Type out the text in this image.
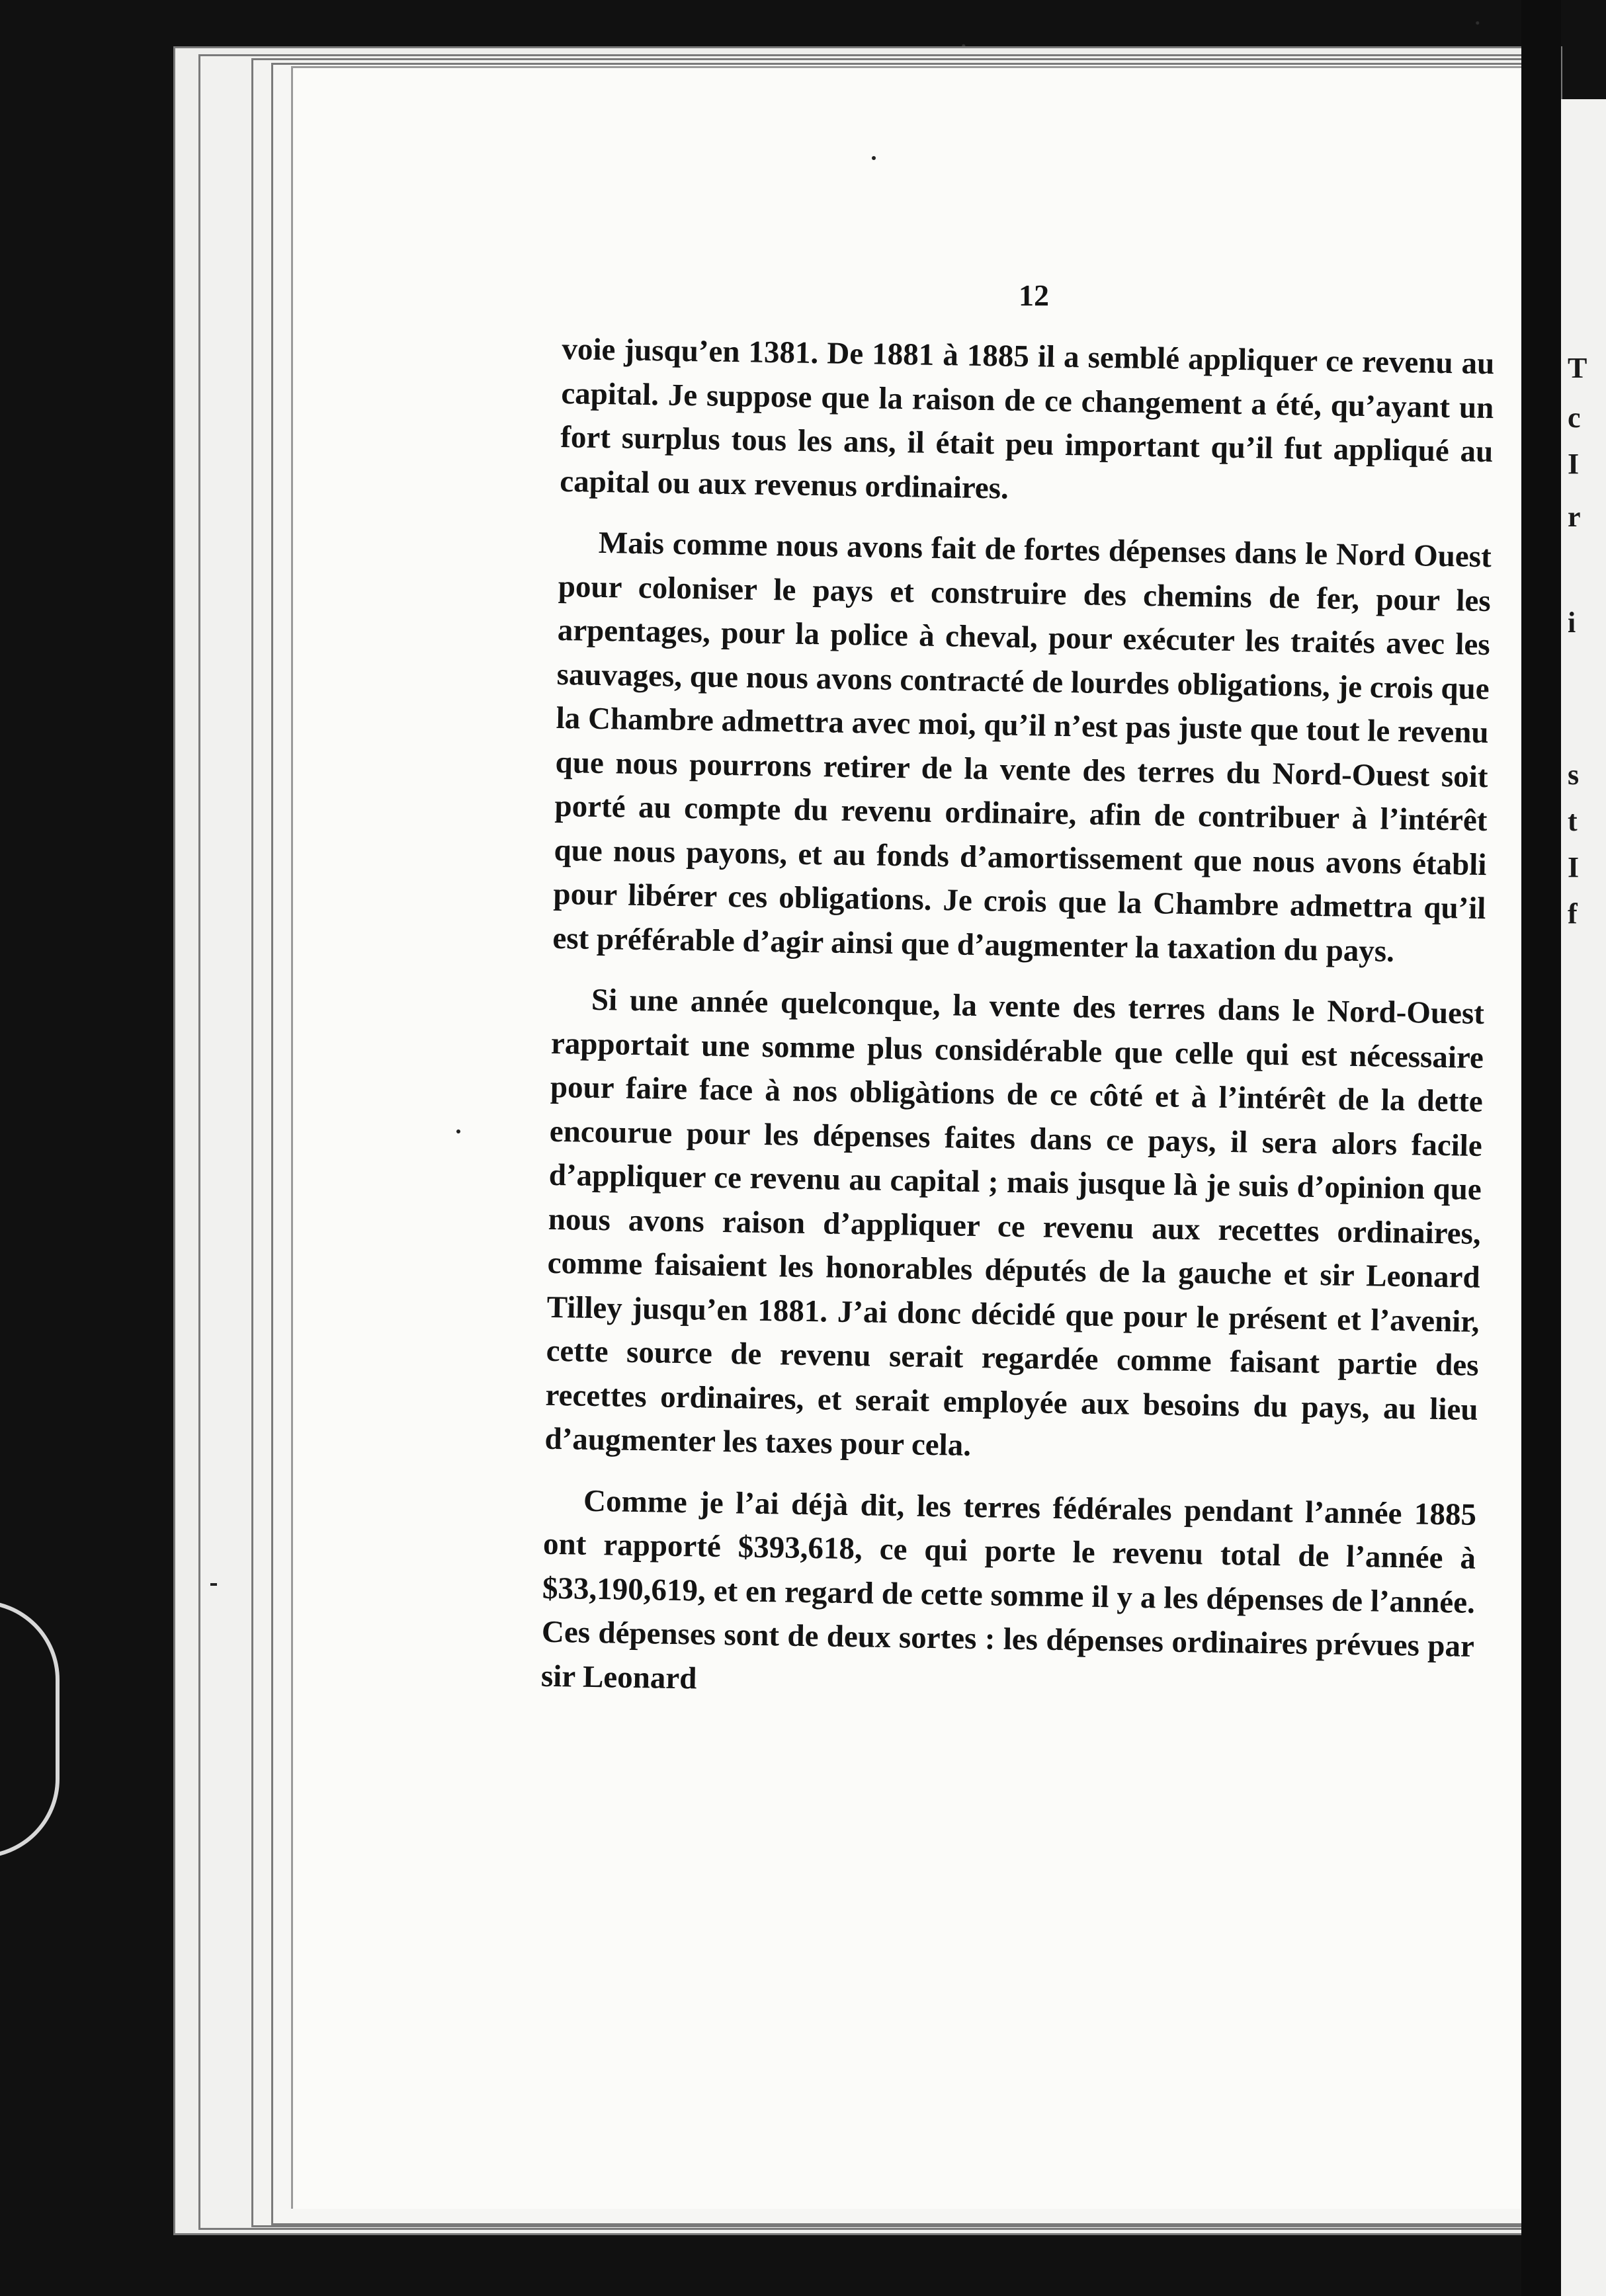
T
c
I
r
i
s
t
I
f
12

voie jusqu’en 1381. De 1881 à 1885 il a semblé appliquer ce revenu au capital. Je suppose que la raison de ce changement a été, qu’ayant un fort surplus tous les ans, il était peu important qu’il fut appliqué au capital ou aux revenus ordinaires.

Mais comme nous avons fait de fortes dépenses dans le Nord Ouest pour coloniser le pays et construire des chemins de fer, pour les arpentages, pour la police à cheval, pour exécuter les traités avec les sauvages, que nous avons contracté de lourdes obligations, je crois que la Chambre admettra avec moi, qu’il n’est pas juste que tout le revenu que nous pourrons retirer de la vente des terres du Nord-Ouest soit porté au compte du revenu ordinaire, afin de contribuer à l’intérêt que nous payons, et au fonds d’amortissement que nous avons établi pour libérer ces obligations. Je crois que la Chambre admettra qu’il est préférable d’agir ainsi que d’augmenter la taxation du pays.

Si une année quelconque, la vente des terres dans le Nord-Ouest rapportait une somme plus considérable que celle qui est nécessaire pour faire face à nos obligàtions de ce côté et à l’intérêt de la dette encourue pour les dépenses faites dans ce pays, il sera alors facile d’appliquer ce revenu au capital ; mais jusque là je suis d’opinion que nous avons raison d’appliquer ce revenu aux recettes ordinaires, comme faisaient les honorables députés de la gauche et sir Leonard Tilley jusqu’en 1881. J’ai donc décidé que pour le présent et l’avenir, cette source de revenu serait regardée comme faisant partie des recettes ordinaires, et serait employée aux besoins du pays, au lieu d’augmenter les taxes pour cela.

Comme je l’ai déjà dit, les terres fédérales pendant l’année 1885 ont rapporté $393,618, ce qui porte le revenu total de l’année à $33,190,619, et en regard de cette somme il y a les dépenses de l’année. Ces dépenses sont de deux sortes : les dépenses ordinaires prévues par sir Leonard
